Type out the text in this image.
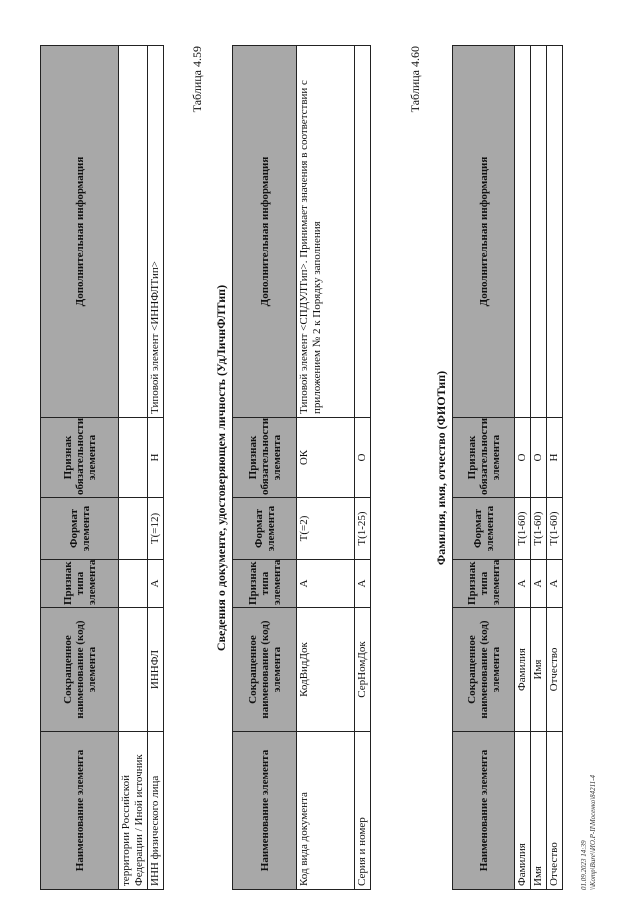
Наименование элемента	Сокращенное наименование (код) элемента	Признак типа элемента	Формат элемента	Признак обязательности элемента	Дополнительная информация
территории Российской Федерации / Иной источник					
ИНН физического лица	ИННФЛ	А	Т(=12)	Н	Типовой элемент <ИННФЛТип>
Таблица 4.59
Сведения о документе, удостоверяющем личность (УдЛичнФЛТип)
Наименование элемента	Сокращенное наименование (код) элемента	Признак типа элемента	Формат элемента	Признак обязательности элемента	Дополнительная информация
Код вида документа	КодВидДок	А	Т(=2)	ОК	Типовой элемент <СПДУЛТип>. Принимает значения в соответствии с приложением № 2 к Порядку заполнения
Серия и номер	СерНомДок	А	Т(1-25)	О	
Таблица 4.60
Фамилия, имя, отчество (ФИОТип)
Наименование элемента	Сокращенное наименование (код) элемента	Признак типа элемента	Формат элемента	Признак обязательности элемента	Дополнительная информация
Фамилия	Фамилия	А	Т(1-60)	О	
Имя	Имя	А	Т(1-60)	О	
Отчество	Отчество	А	Т(1-60)	Н	
01.09.2023 14:39 \\Komp\Bure\\ИО.Р-II\Мосенко\84211-4
